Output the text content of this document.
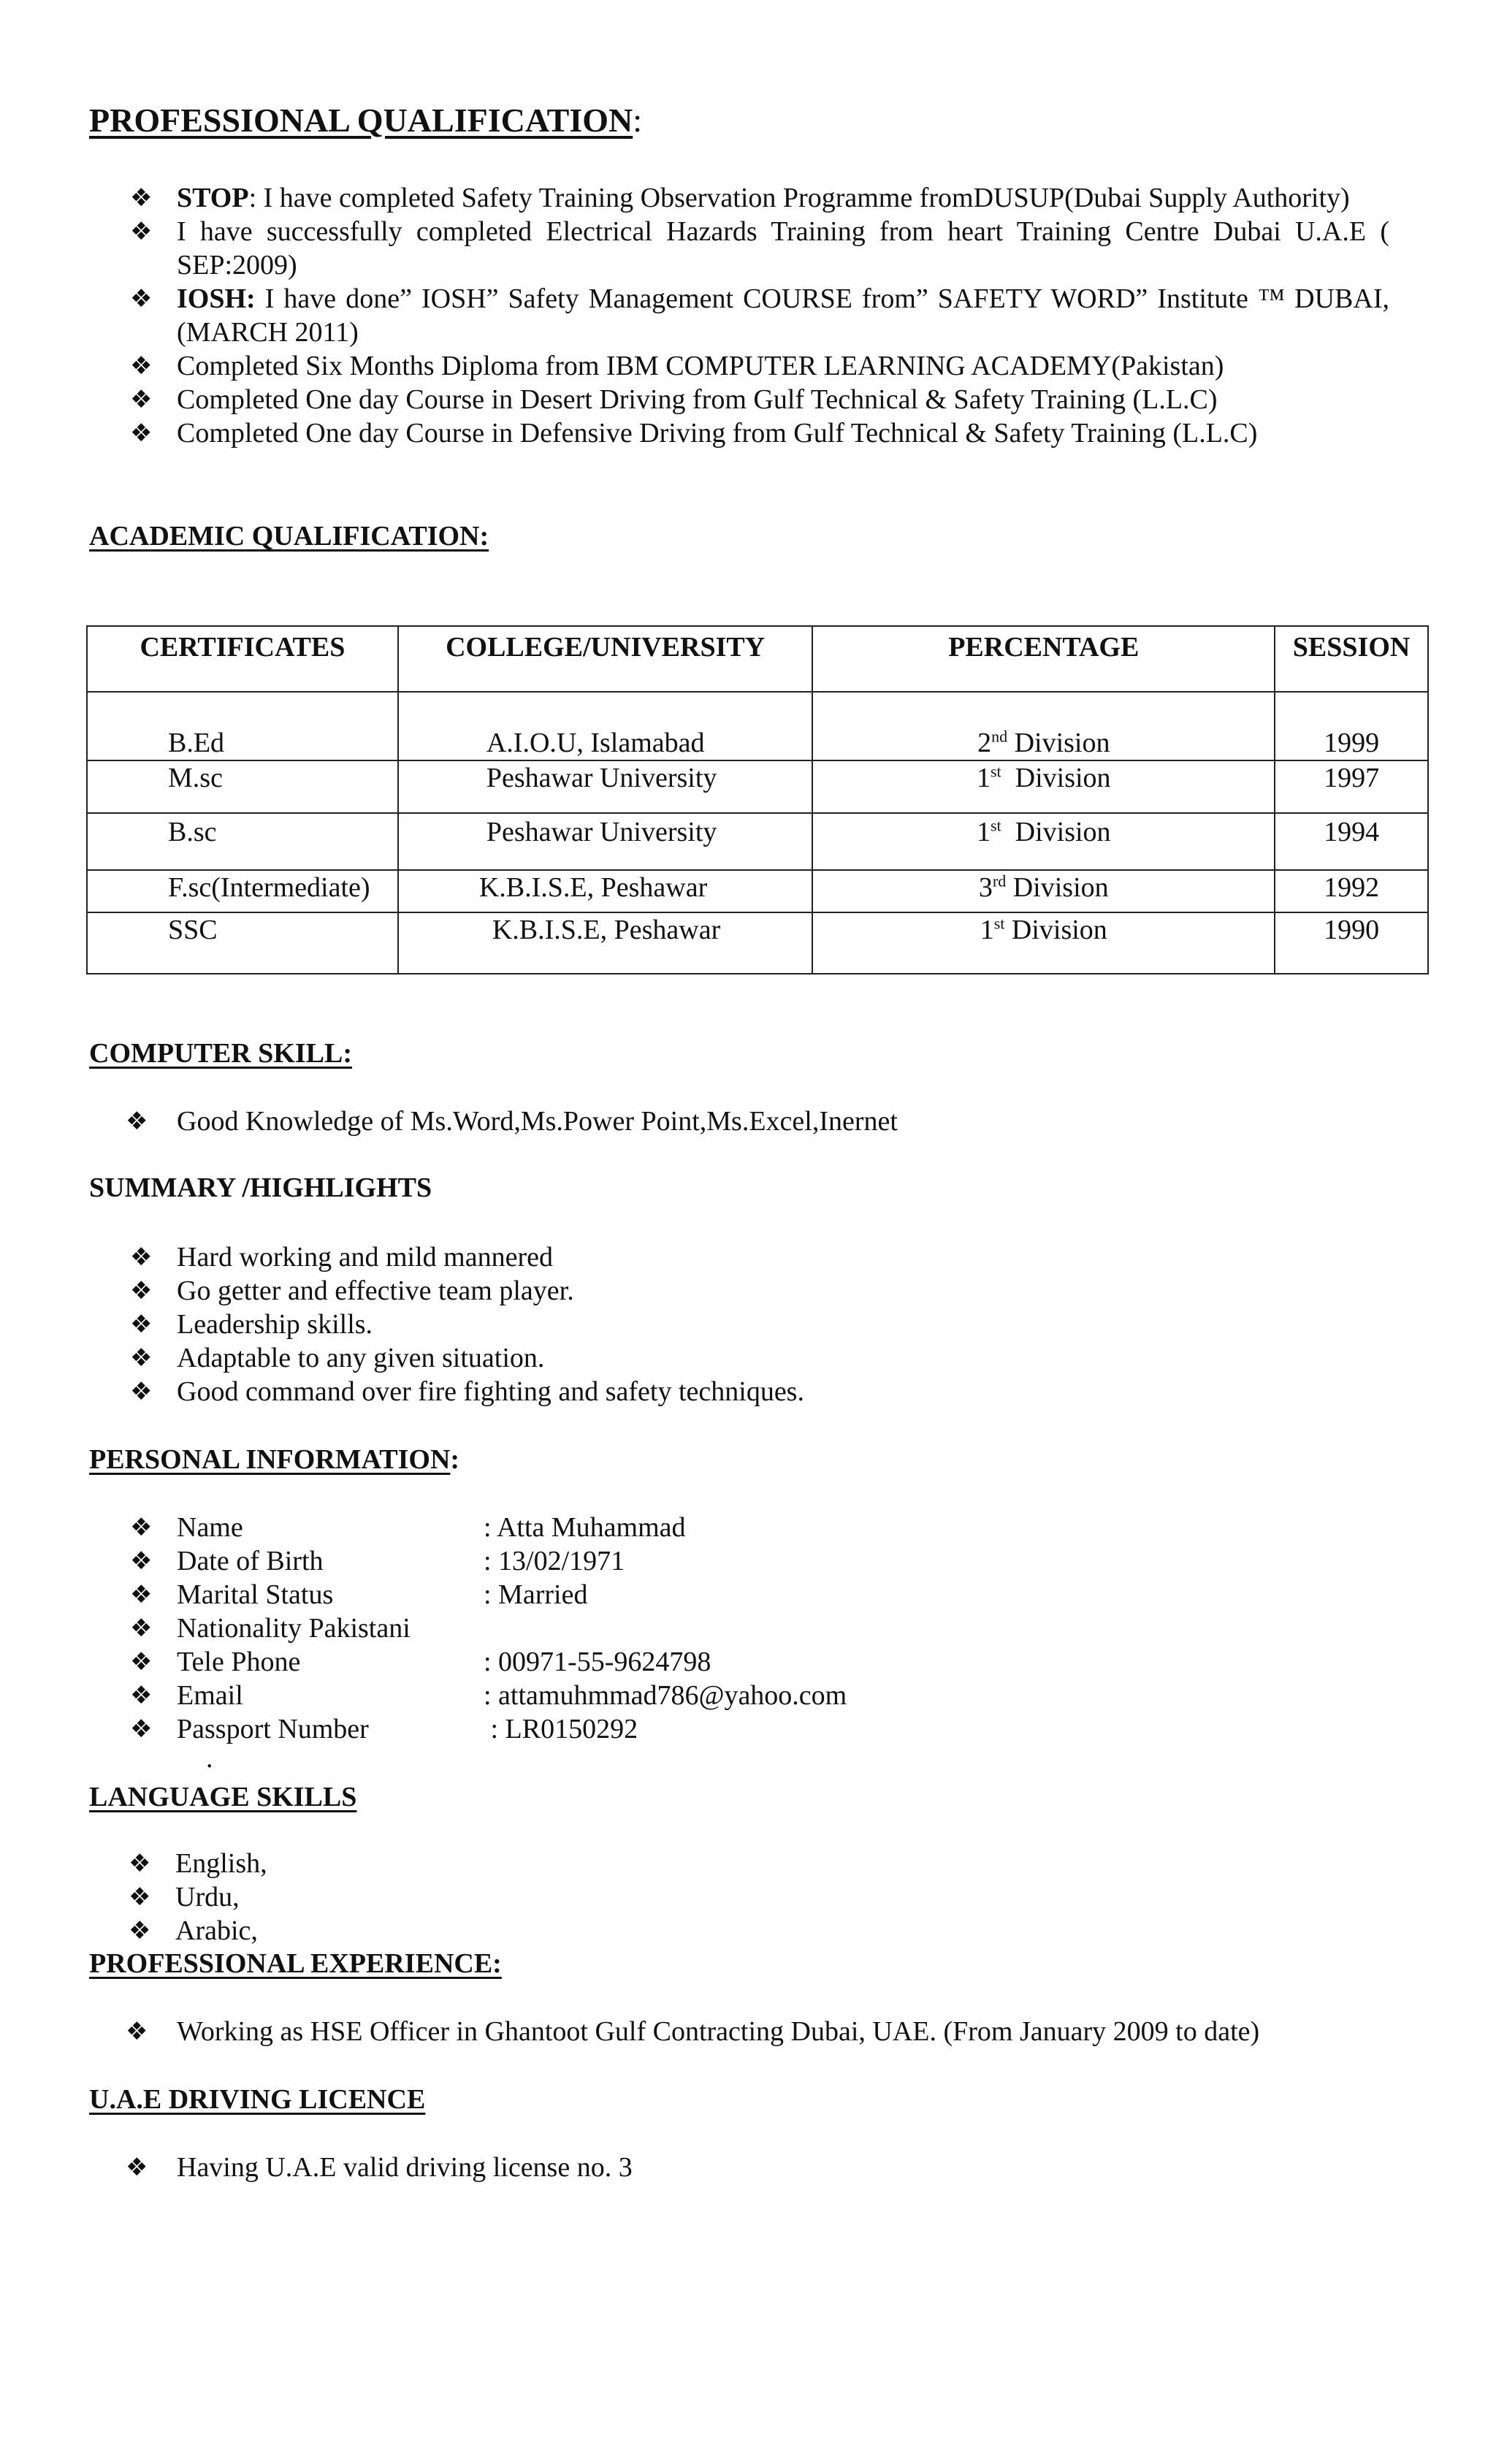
PROFESSIONAL QUALIFICATION:
❖ STOP: I have completed Safety Training Observation Programme fromDUSUP(Dubai Supply Authority)
❖ I have successfully completed Electrical Hazards Training from heart Training Centre Dubai U.A.E ( SEP:2009)
❖ IOSH: I have done” IOSH” Safety Management COURSE from” SAFETY WORD” Institute ™ DUBAI, (MARCH 2011)
❖ Completed Six Months Diploma from IBM COMPUTER LEARNING ACADEMY(Pakistan)
❖ Completed One day Course in Desert Driving from Gulf Technical & Safety Training (L.L.C)
❖ Completed One day Course in Defensive Driving from Gulf Technical & Safety Training (L.L.C)
ACADEMIC QUALIFICATION:
CERTIFICATES	COLLEGE/UNIVERSITY	PERCENTAGE	SESSION

B.Ed	A.I.O.U, Islamabad	2nd Division	1999

M.sc	Peshawar University	1st  Division	1997

B.sc	Peshawar University	1st  Division	1994

F.sc(Intermediate)	K.B.I.S.E, Peshawar	3rd Division	1992

SSC	K.B.I.S.E, Peshawar	1st Division	1990
COMPUTER SKILL:
❖ Good Knowledge of Ms.Word,Ms.Power Point,Ms.Excel,Inernet
SUMMARY /HIGHLIGHTS
❖ Hard working and mild mannered
❖ Go getter and effective team player.
❖ Leadership skills.
❖ Adaptable to any given situation.
❖ Good command over fire fighting and safety techniques.
PERSONAL INFORMATION:
❖ Name	: Atta Muhammad
❖ Date of Birth	: 13/02/1971
❖ Marital Status	: Married
❖ Nationality Pakistani
❖ Tele Phone	: 00971-55-9624798
❖ Email	: attamuhmmad786@yahoo.com
❖ Passport Number	: LR0150292
.
LANGUAGE SKILLS
❖ English,
❖ Urdu,
❖ Arabic,
PROFESSIONAL EXPERIENCE:
❖ Working as HSE Officer in Ghantoot Gulf Contracting Dubai, UAE. (From January 2009 to date)
U.A.E DRIVING LICENCE
❖ Having U.A.E valid driving license no. 3
